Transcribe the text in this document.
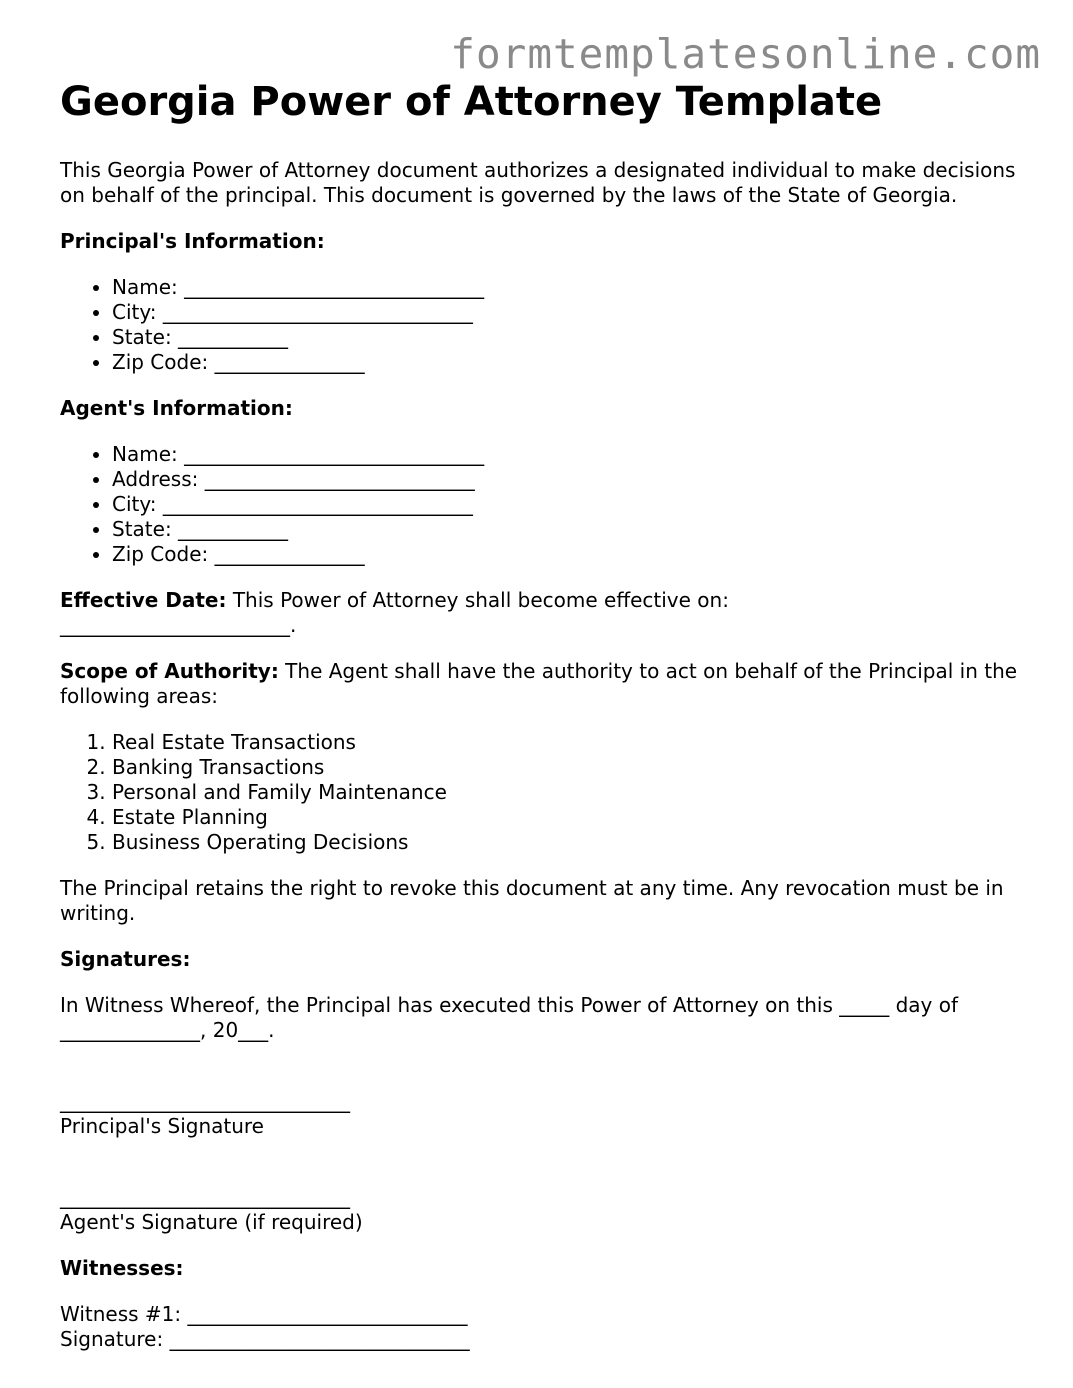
formtemplatesonline.com
Georgia Power of Attorney Template

This Georgia Power of Attorney document authorizes a designated individual to make decisions on behalf of the principal. This document is governed by the laws of the State of Georgia.

Principal's Information:

• Name: ______________________________
• City: _______________________________
• State: ___________
• Zip Code: _______________

Agent's Information:

• Name: ______________________________
• Address: ___________________________
• City: _______________________________
• State: ___________
• Zip Code: _______________

Effective Date: This Power of Attorney shall become effective on:
_______________________.

Scope of Authority: The Agent shall have the authority to act on behalf of the Principal in the following areas:

1. Real Estate Transactions
2. Banking Transactions
3. Personal and Family Maintenance
4. Estate Planning
5. Business Operating Decisions

The Principal retains the right to revoke this document at any time. Any revocation must be in writing.

Signatures:

In Witness Whereof, the Principal has executed this Power of Attorney on this _____ day of ______________, 20___.

_____________________________
Principal's Signature
_____________________________
Agent's Signature (if required)

Witnesses:

Witness #1: ____________________________
Signature: ______________________________
